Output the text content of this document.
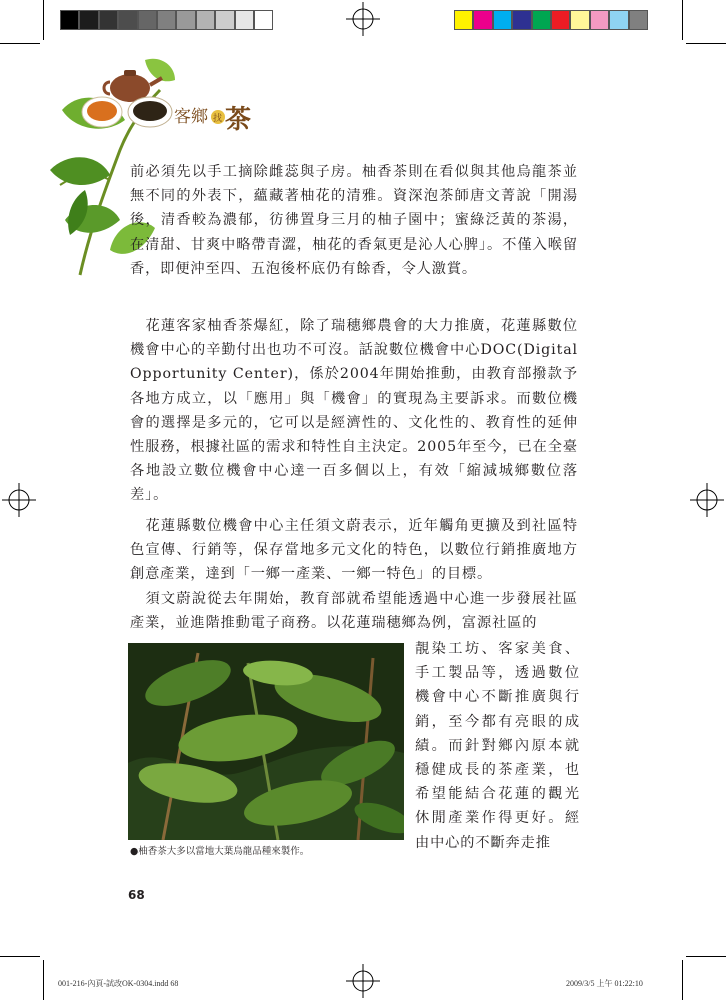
客鄉 找 茶

前必須先以手工摘除雌蕊與子房。柚香茶則在看似與其他烏龍茶並無不同的外表下，蘊藏著柚花的清雅。資深泡茶師唐文菁說「開湯後，清香較為濃郁，彷彿置身三月的柚子園中；蜜綠泛黃的茶湯，在清甜、甘爽中略帶青澀，柚花的香氣更是沁人心脾」。不僅入喉留香，即便沖至四、五泡後杯底仍有餘香，令人激賞。

　花蓮客家柚香茶爆紅，除了瑞穗鄉農會的大力推廣，花蓮縣數位機會中心的辛勤付出也功不可沒。話說數位機會中心DOC(Digital Opportunity Center)，係於2004年開始推動，由教育部撥款予各地方成立，以「應用」與「機會」的實現為主要訴求。而數位機會的選擇是多元的，它可以是經濟性的、文化性的、教育性的延伸性服務，根據社區的需求和特性自主決定。2005年至今，已在全臺各地設立數位機會中心達一百多個以上，有效「縮減城鄉數位落差」。

　花蓮縣數位機會中心主任須文蔚表示，近年觸角更擴及到社區特色宣傳、行銷等，保存當地多元文化的特色，以數位行銷推廣地方創意產業，達到「一鄉一產業、一鄉一特色」的目標。

　須文蔚說從去年開始，教育部就希望能透過中心進一步發展社區產業，並進階推動電子商務。以花蓮瑞穗鄉為例，富源社區的

靚染工坊、客家美食、手工製品等，透過數位機會中心不斷推廣與行銷，至今都有亮眼的成績。而針對鄉內原本就穩健成長的茶產業，也希望能結合花蓮的觀光休閒產業作得更好。經由中心的不斷奔走推

●柚香茶大多以當地大葉烏龍品種來製作。
68
001-216-內頁-試改OK-0304.indd 68	2009/3/5 上午 01:22:10
